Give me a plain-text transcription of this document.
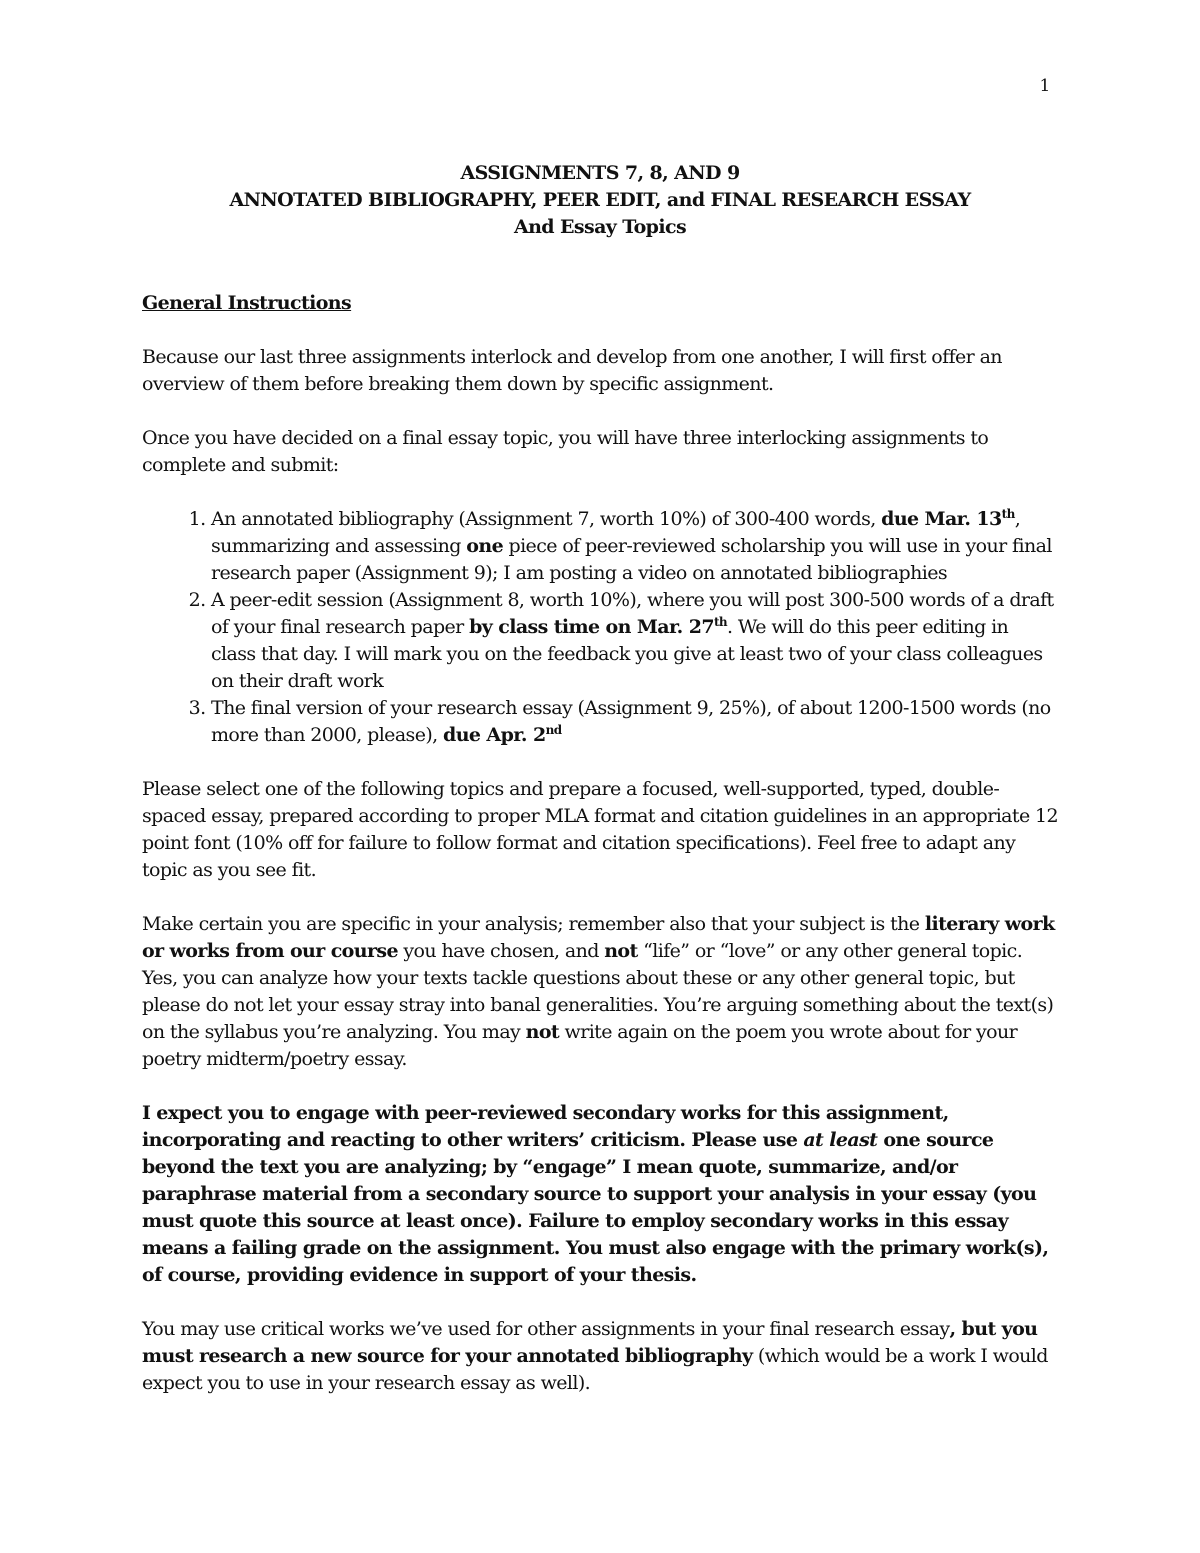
1
ASSIGNMENTS 7, 8, AND 9
ANNOTATED BIBLIOGRAPHY, PEER EDIT, and FINAL RESEARCH ESSAY
And Essay Topics
General Instructions

Because our last three assignments interlock and develop from one another, I will first offer an overview of them before breaking them down by specific assignment.

Once you have decided on a final essay topic, you will have three interlocking assignments to complete and submit:

1. An annotated bibliography (Assignment 7, worth 10%) of 300-400 words, due Mar. 13th, summarizing and assessing one piece of peer-reviewed scholarship you will use in your final research paper (Assignment 9); I am posting a video on annotated bibliographies
2. A peer-edit session (Assignment 8, worth 10%), where you will post 300-500 words of a draft of your final research paper by class time on Mar. 27th. We will do this peer editing in class that day. I will mark you on the feedback you give at least two of your class colleagues on their draft work
3. The final version of your research essay (Assignment 9, 25%), of about 1200-1500 words (no more than 2000, please), due Apr. 2nd

Please select one of the following topics and prepare a focused, well-supported, typed, double-spaced essay, prepared according to proper MLA format and citation guidelines in an appropriate 12 point font (10% off for failure to follow format and citation specifications). Feel free to adapt any topic as you see fit.

Make certain you are specific in your analysis; remember also that your subject is the literary work or works from our course you have chosen, and not “life” or “love” or any other general topic. Yes, you can analyze how your texts tackle questions about these or any other general topic, but please do not let your essay stray into banal generalities. You’re arguing something about the text(s) on the syllabus you’re analyzing. You may not write again on the poem you wrote about for your poetry midterm/poetry essay.

I expect you to engage with peer-reviewed secondary works for this assignment, incorporating and reacting to other writers’ criticism. Please use at least one source beyond the text you are analyzing; by “engage” I mean quote, summarize, and/or paraphrase material from a secondary source to support your analysis in your essay (you must quote this source at least once). Failure to employ secondary works in this essay means a failing grade on the assignment. You must also engage with the primary work(s), of course, providing evidence in support of your thesis.

You may use critical works we’ve used for other assignments in your final research essay, but you must research a new source for your annotated bibliography (which would be a work I would expect you to use in your research essay as well).
